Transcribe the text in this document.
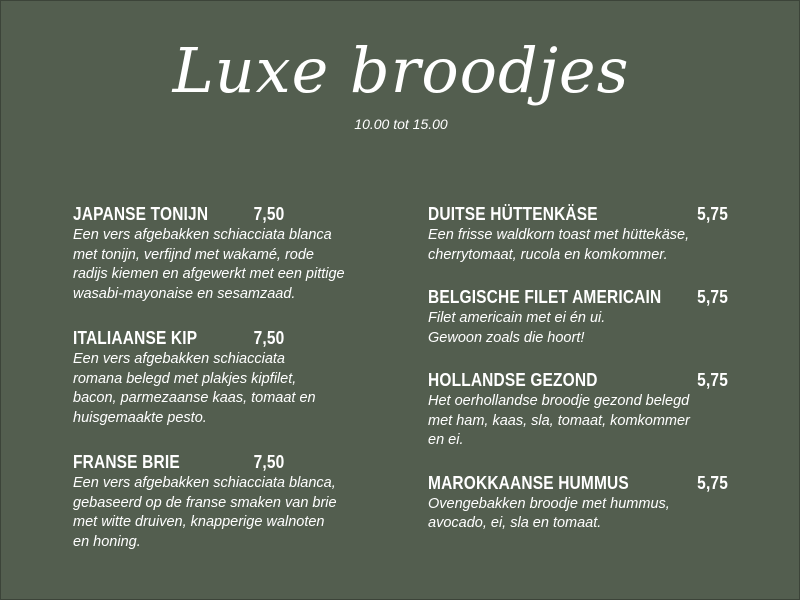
Luxe broodjes
10.00 tot 15.00
JAPANSE TONIJN	7,50
Een vers afgebakken schiacciata blanca
met tonijn, verfijnd met wakamé, rode
radijs kiemen en afgewerkt met een pittige
wasabi-mayonaise en sesamzaad.
ITALIAANSE KIP	7,50
Een vers afgebakken schiacciata
romana belegd met plakjes kipfilet,
bacon, parmezaanse kaas, tomaat en
huisgemaakte pesto.
FRANSE BRIE	7,50
Een vers afgebakken schiacciata blanca,
gebaseerd op de franse smaken van brie
met witte druiven, knapperige walnoten
en honing.
DUITSE HÜTTENKÄSE	5,75
Een frisse waldkorn toast met hüttekäse,
cherrytomaat, rucola en komkommer.
BELGISCHE FILET AMERICAIN 5,75
Filet americain met ei én ui.
Gewoon zoals die hoort!
HOLLANDSE GEZOND	5,75
Het oerhollandse broodje gezond belegd
met ham, kaas, sla, tomaat, komkommer
en ei.
MAROKKAANSE HUMMUS	5,75
Ovengebakken broodje met hummus,
avocado, ei, sla en tomaat.
